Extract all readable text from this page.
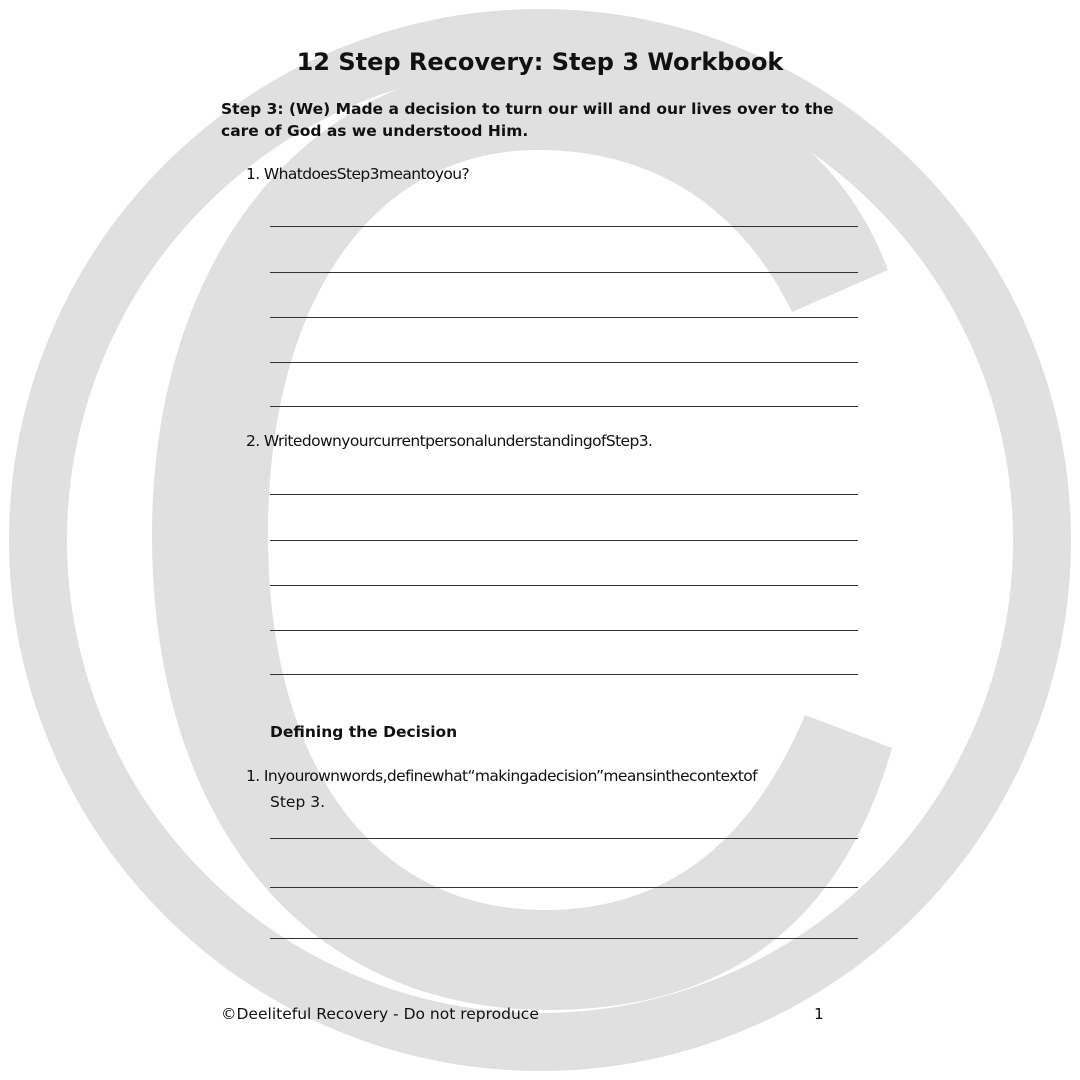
12 Step Recovery: Step 3 Workbook
Step 3: (We) Made a decision to turn our will and our lives over to the care of God as we understood Him.
1. WhatdoesStep3meantoyou?
2. WritedownyourcurrentpersonalunderstandingofStep3.
Defining the Decision
1. Inyourownwords,definewhat“makingadecision”meansinthecontextof
Step 3.
©Deeliteful Recovery - Do not reproduce	1
